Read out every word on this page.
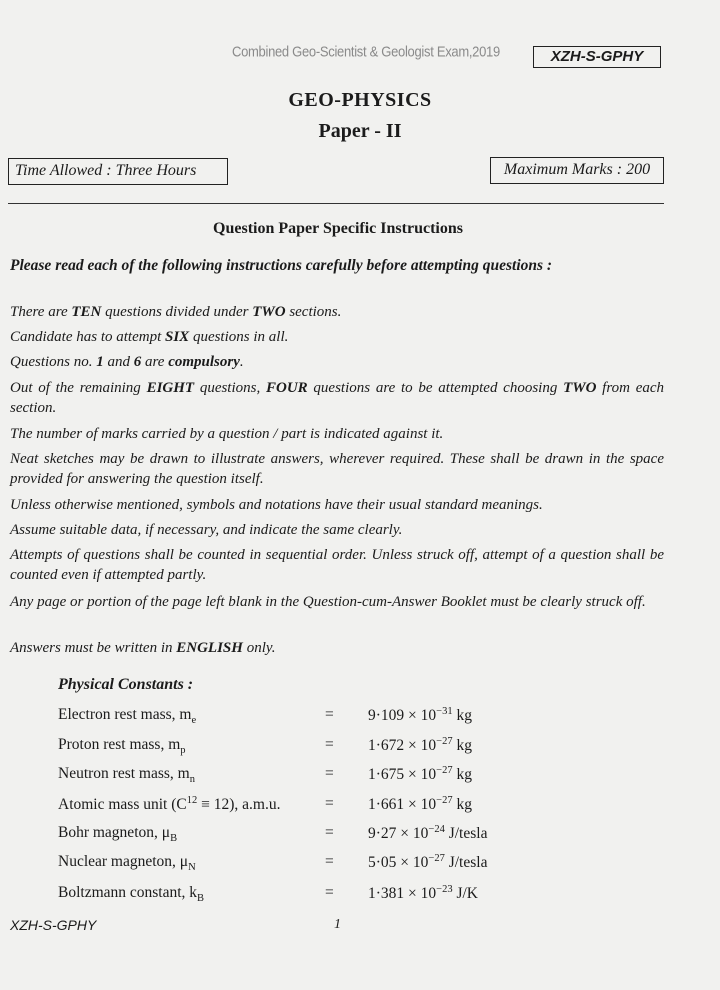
Combined Geo-Scientist & Geologist Exam,2019	XZH-S-GPHY
GEO-PHYSICS
Paper - II
Time Allowed : Three Hours	Maximum Marks : 200
Question Paper Specific Instructions
Please read each of the following instructions carefully before attempting questions :
There are TEN questions divided under TWO sections.
Candidate has to attempt SIX questions in all.
Questions no. 1 and 6 are compulsory.
Out of the remaining EIGHT questions, FOUR questions are to be attempted choosing TWO from each section.
The number of marks carried by a question / part is indicated against it.
Neat sketches may be drawn to illustrate answers, wherever required. These shall be drawn in the space provided for answering the question itself.
Unless otherwise mentioned, symbols and notations have their usual standard meanings.
Assume suitable data, if necessary, and indicate the same clearly.
Attempts of questions shall be counted in sequential order. Unless struck off, attempt of a question shall be counted even if attempted partly.
Any page or portion of the page left blank in the Question-cum-Answer Booklet must be clearly struck off.
Answers must be written in ENGLISH only.
Physical Constants :
Electron rest mass, $m_e$	= $9\cdot 109 \times 10^{-31}$ kg
Proton rest mass, $m_p$	= $1\cdot 672 \times 10^{-27}$ kg
Neutron rest mass, $m_n$	= $1\cdot 675 \times 10^{-27}$ kg
Atomic mass unit $(C^{12} \equiv 12)$, a.m.u.	= $1\cdot 661 \times 10^{-27}$ kg
Bohr magneton, $\mu_B$	= $9\cdot 27 \times 10^{-24}$ J/tesla
Nuclear magneton, $\mu_N$	= $5\cdot 05 \times 10^{-27}$ J/tesla
Boltzmann constant, $k_B$	= $1\cdot 381 \times 10^{-23}$ J/K
XZH-S-GPHY	1
